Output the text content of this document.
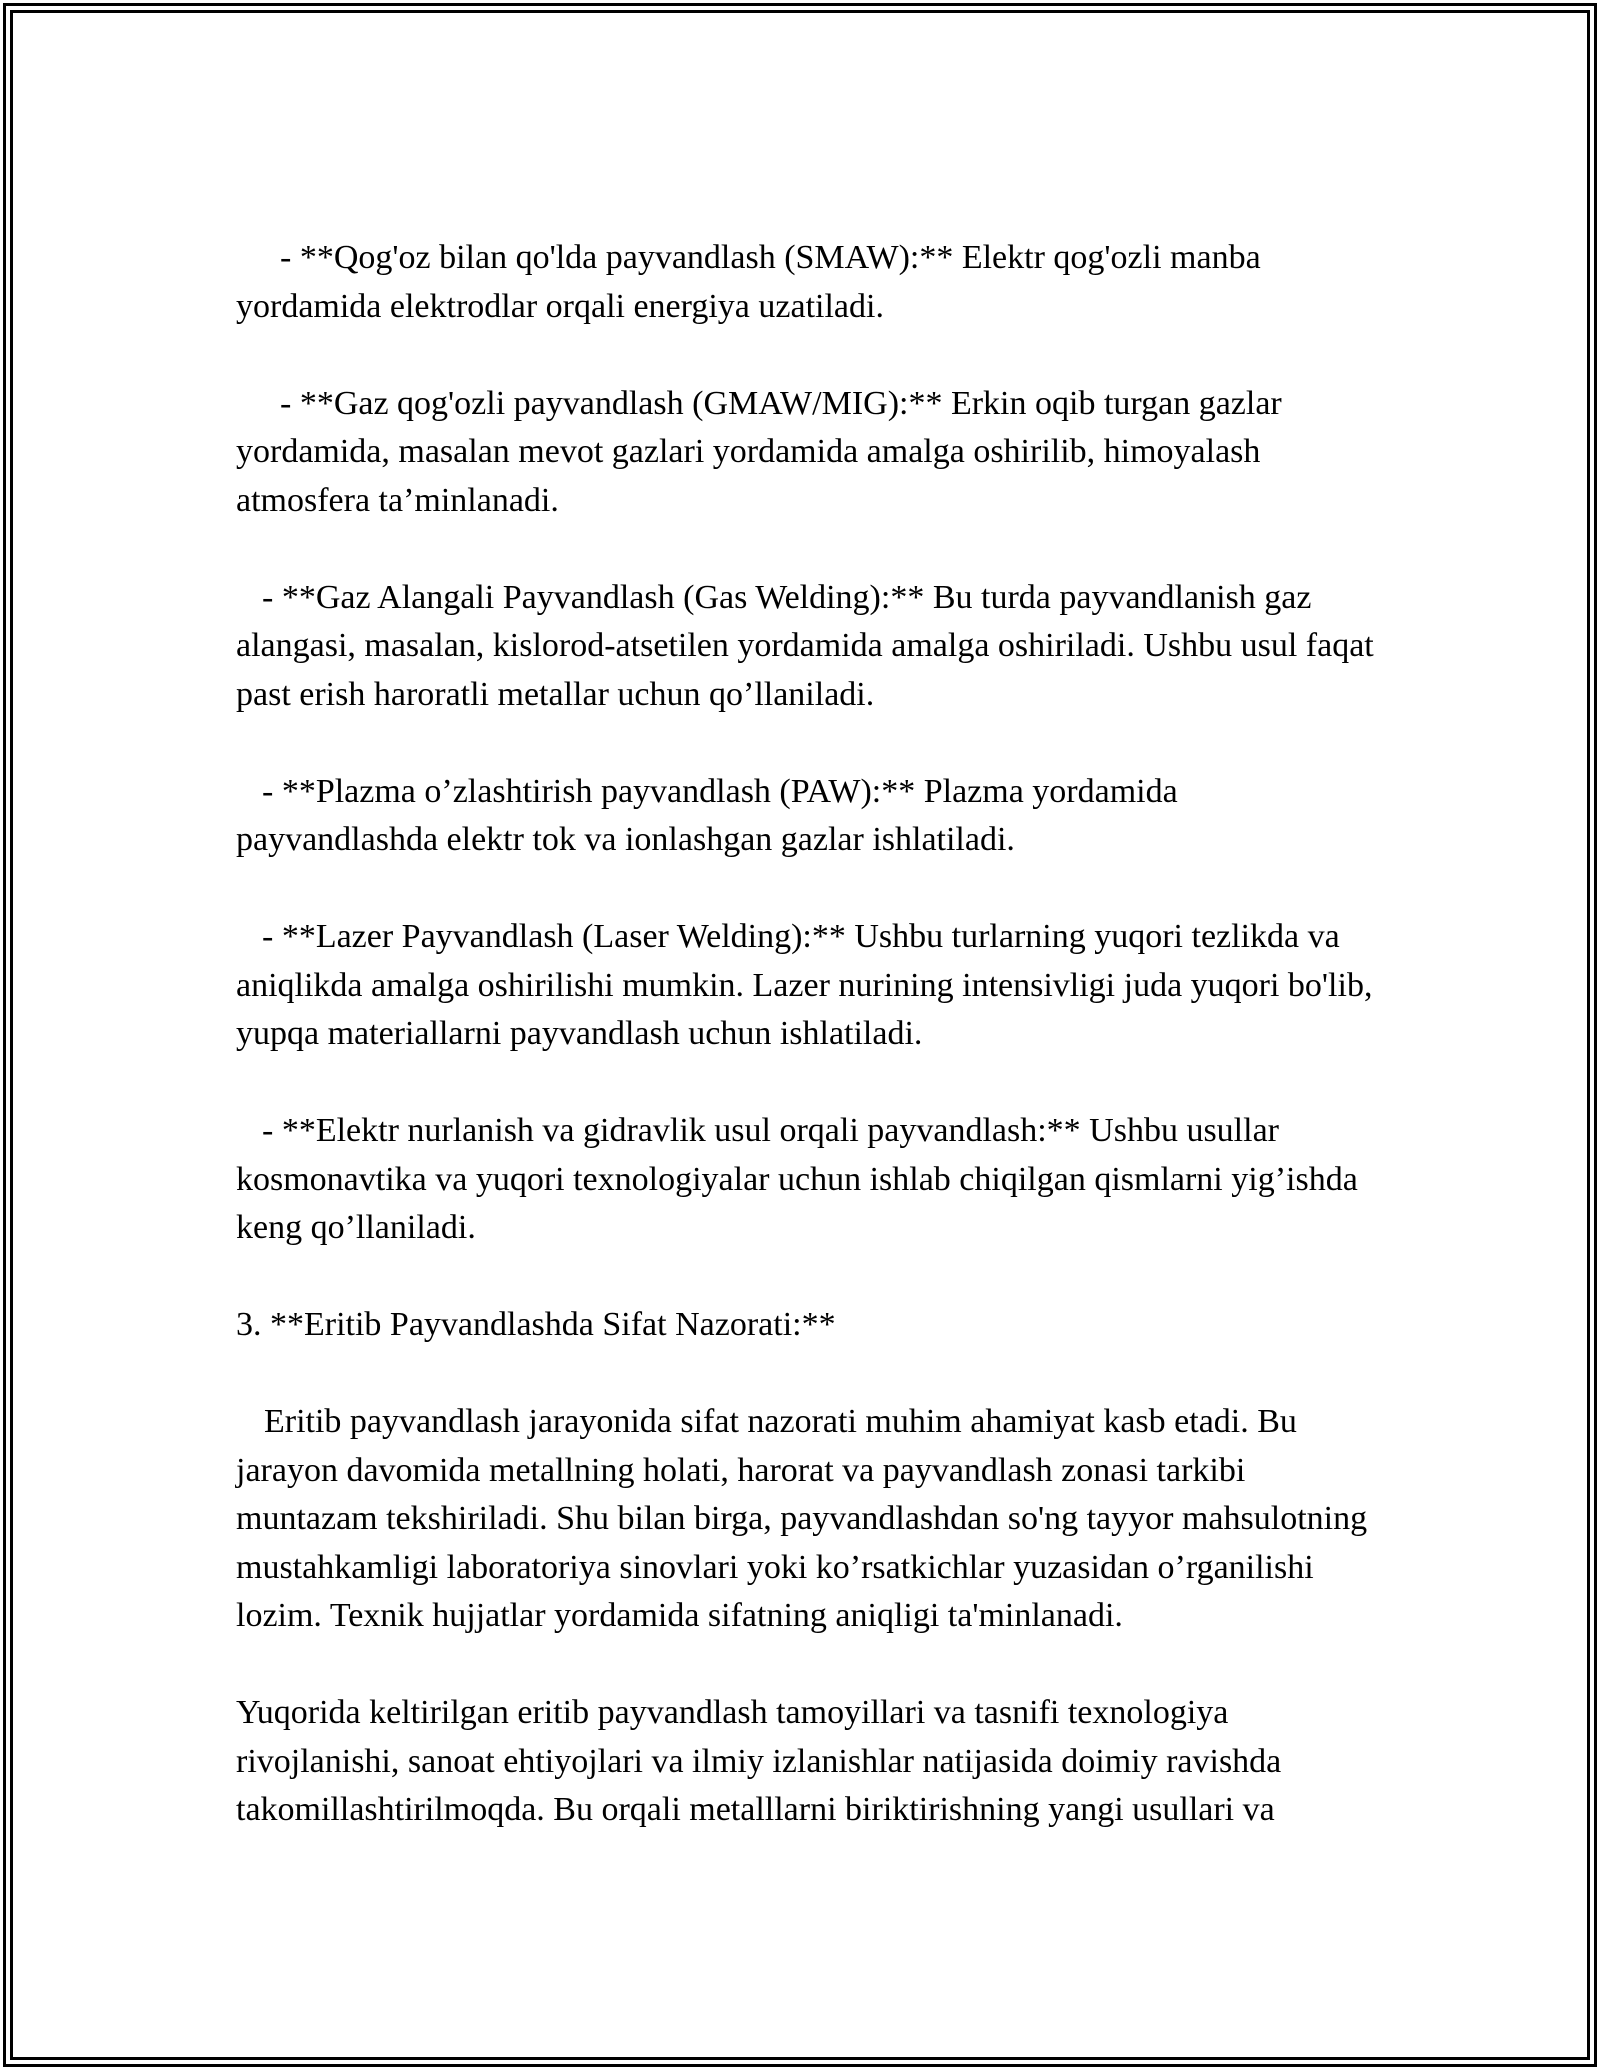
- **Qog'oz bilan qo'lda payvandlash (SMAW):** Elektr qog'ozli manba yordamida elektrodlar orqali energiya uzatiladi.

- **Gaz qog'ozli payvandlash (GMAW/MIG):** Erkin oqib turgan gazlar yordamida, masalan mevot gazlari yordamida amalga oshirilib, himoyalash atmosfera ta’minlanadi.

- **Gaz Alangali Payvandlash (Gas Welding):** Bu turda payvandlanish gaz alangasi, masalan, kislorod-atsetilen yordamida amalga oshiriladi. Ushbu usul faqat past erish haroratli metallar uchun qo’llaniladi.

- **Plazma o’zlashtirish payvandlash (PAW):** Plazma yordamida payvandlashda elektr tok va ionlashgan gazlar ishlatiladi.

- **Lazer Payvandlash (Laser Welding):** Ushbu turlarning yuqori tezlikda va aniqlikda amalga oshirilishi mumkin. Lazer nurining intensivligi juda yuqori bo'lib, yupqa materiallarni payvandlash uchun ishlatiladi.

- **Elektr nurlanish va gidravlik usul orqali payvandlash:** Ushbu usullar kosmonavtika va yuqori texnologiyalar uchun ishlab chiqilgan qismlarni yig’ishda keng qo’llaniladi.

3. **Eritib Payvandlashda Sifat Nazorati:**

Eritib payvandlash jarayonida sifat nazorati muhim ahamiyat kasb etadi. Bu jarayon davomida metallning holati, harorat va payvandlash zonasi tarkibi muntazam tekshiriladi. Shu bilan birga, payvandlashdan so'ng tayyor mahsulotning mustahkamligi laboratoriya sinovlari yoki ko’rsatkichlar yuzasidan o’rganilishi lozim. Texnik hujjatlar yordamida sifatning aniqligi ta'minlanadi.

Yuqorida keltirilgan eritib payvandlash tamoyillari va tasnifi texnologiya rivojlanishi, sanoat ehtiyojlari va ilmiy izlanishlar natijasida doimiy ravishda takomillashtirilmoqda. Bu orqali metalllarni biriktirishning yangi usullari va
